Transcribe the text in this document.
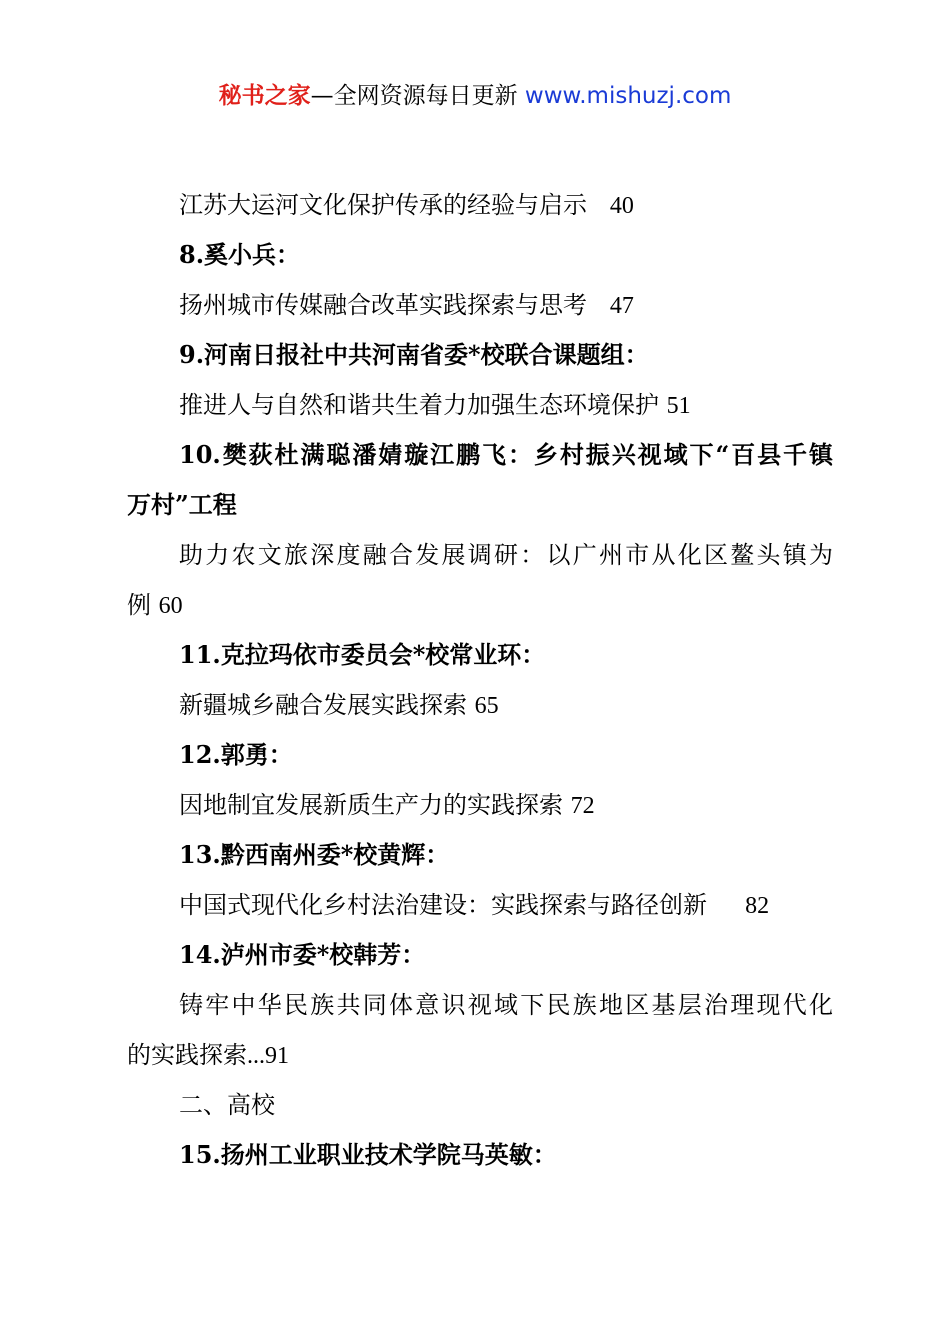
秘书之家—全网资源每日更新 www.mishuzj.com
江苏大运河文化保护传承的经验与启示 40
8.奚小兵：
扬州城市传媒融合改革实践探索与思考 47
9.河南日报社中共河南省委*校联合课题组：
推进人与自然和谐共生着力加强生态环境保护 51
10.樊荻杜满聪潘婧璇江鹏飞：乡村振兴视域下“百县千镇
万村”工程
助力农文旅深度融合发展调研：以广州市从化区鳌头镇为
例 60
11.克拉玛依市委员会*校常业环：
新疆城乡融合发展实践探索 65
12.郭勇：
因地制宜发展新质生产力的实践探索 72
13.黔西南州委*校黄辉：
中国式现代化乡村法治建设：实践探索与路径创新 82
14.泸州市委*校韩芳：
铸牢中华民族共同体意识视域下民族地区基层治理现代化
的实践探索...91
二、高校
15.扬州工业职业技术学院马英敏：
